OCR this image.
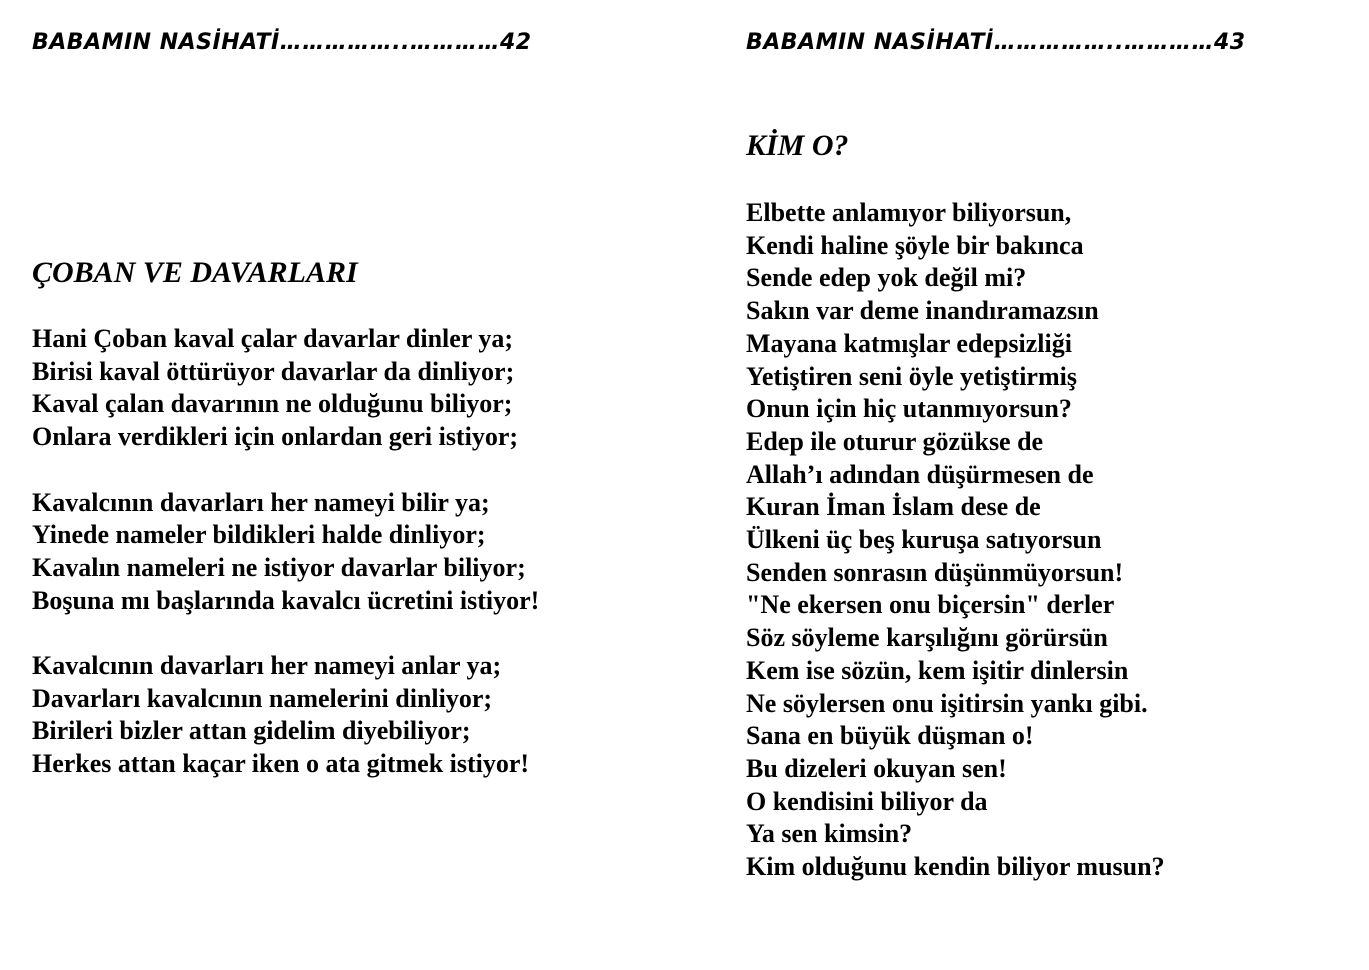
BABAMIN NASİHATİ……………..…………42
ÇOBAN VE DAVARLARI

Hani Çoban kaval çalar davarlar dinler ya;
Birisi kaval öttürüyor davarlar da dinliyor;
Kaval çalan davarının ne olduğunu biliyor;
Onlara verdikleri için onlardan geri istiyor;

Kavalcının davarları her nameyi bilir ya;
Yinede nameler bildikleri halde dinliyor;
Kavalın nameleri ne istiyor davarlar biliyor;
Boşuna mı başlarında kavalcı ücretini istiyor!

Kavalcının davarları her nameyi anlar ya;
Davarları kavalcının namelerini dinliyor;
Birileri bizler attan gidelim diyebiliyor;
Herkes attan kaçar iken o ata gitmek istiyor!

BABAMIN NASİHATİ……………..…………43
KİM O?

Elbette anlamıyor biliyorsun,
Kendi haline şöyle bir bakınca
Sende edep yok değil mi?
Sakın var deme inandıramazsın
Mayana katmışlar edepsizliği
Yetiştiren seni öyle yetiştirmiş
Onun için hiç utanmıyorsun?
Edep ile oturur gözükse de
Allah’ı adından düşürmesen de
Kuran İman İslam dese de
Ülkeni üç beş kuruşa satıyorsun
Senden sonrasın düşünmüyorsun!
"Ne ekersen onu biçersin" derler
Söz söyleme karşılığını görürsün
Kem ise sözün, kem işitir dinlersin
Ne söylersen onu işitirsin yankı gibi.
Sana en büyük düşman o!
Bu dizeleri okuyan sen!
O kendisini biliyor da
Ya sen kimsin?
Kim olduğunu kendin biliyor musun?
